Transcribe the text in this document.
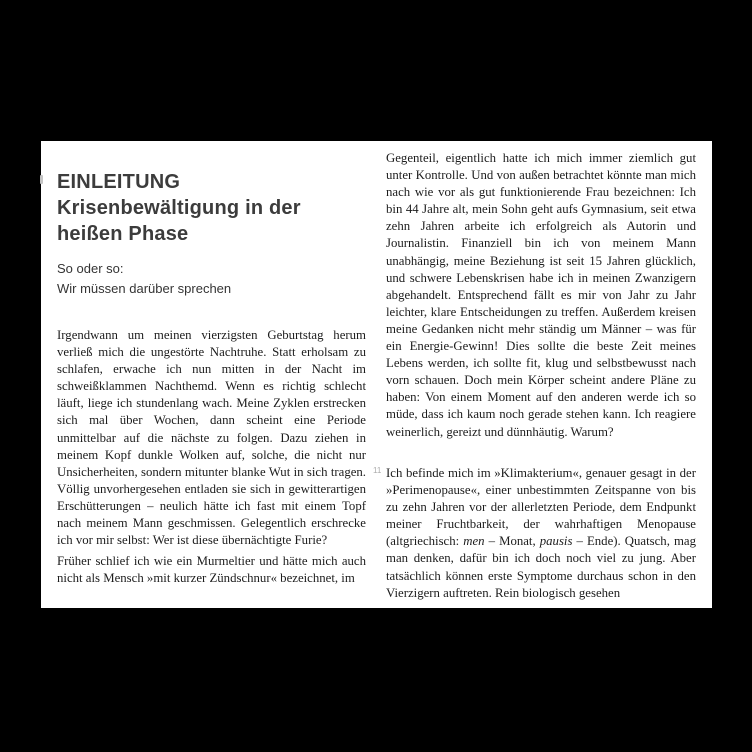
EINLEITUNG
Krisenbewältigung in der heißen Phase
So oder so:
Wir müssen darüber sprechen

Irgendwann um meinen vierzigsten Geburtstag herum verließ mich die ungestörte Nachtruhe. Statt erholsam zu schlafen, erwache ich nun mitten in der Nacht im schweißklammen Nachthemd. Wenn es richtig schlecht läuft, liege ich stundenlang wach. Meine Zyklen erstrecken sich mal über Wochen, dann scheint eine Periode unmittelbar auf die nächste zu folgen. Dazu ziehen in meinem Kopf dunkle Wolken auf, solche, die nicht nur Unsicherheiten, sondern mitunter blanke Wut in sich tragen. Völlig unvorhergesehen entladen sie sich in gewitterartigen Erschütterungen – neulich hätte ich fast mit einem Topf nach meinem Mann geschmissen. Gelegentlich erschrecke ich vor mir selbst: Wer ist diese übernächtigte Furie?

Früher schlief ich wie ein Murmeltier und hätte mich auch nicht als Mensch »mit kurzer Zündschnur« bezeichnet, im

Gegenteil, eigentlich hatte ich mich immer ziemlich gut unter Kontrolle. Und von außen betrachtet könnte man mich nach wie vor als gut funktionierende Frau bezeichnen: Ich bin 44 Jahre alt, mein Sohn geht aufs Gymnasium, seit etwa zehn Jahren arbeite ich erfolgreich als Autorin und Journalistin. Finanziell bin ich von meinem Mann unabhängig, meine Beziehung ist seit 15 Jahren glücklich, und schwere Lebenskrisen habe ich in meinen Zwanzigern abgehandelt. Entsprechend fällt es mir von Jahr zu Jahr leichter, klare Entscheidungen zu treffen. Außerdem kreisen meine Gedanken nicht mehr ständig um Männer – was für ein Energie-Gewinn! Dies sollte die beste Zeit meines Lebens werden, ich sollte fit, klug und selbstbewusst nach vorn schauen. Doch mein Körper scheint andere Pläne zu haben: Von einem Moment auf den anderen werde ich so müde, dass ich kaum noch gerade stehen kann. Ich reagiere weinerlich, gereizt und dünnhäutig. Warum?

11 Ich befinde mich im »Klimakterium«, genauer gesagt in der »Perimenopause«, einer unbestimmten Zeitspanne von bis zu zehn Jahren vor der allerletzten Periode, dem Endpunkt meiner Fruchtbarkeit, der wahrhaftigen Menopause (altgriechisch: men – Monat, pausis – Ende). Quatsch, mag man denken, dafür bin ich doch noch viel zu jung. Aber tatsächlich können erste Symptome durchaus schon in den Vierzigern auftreten. Rein biologisch gesehen
